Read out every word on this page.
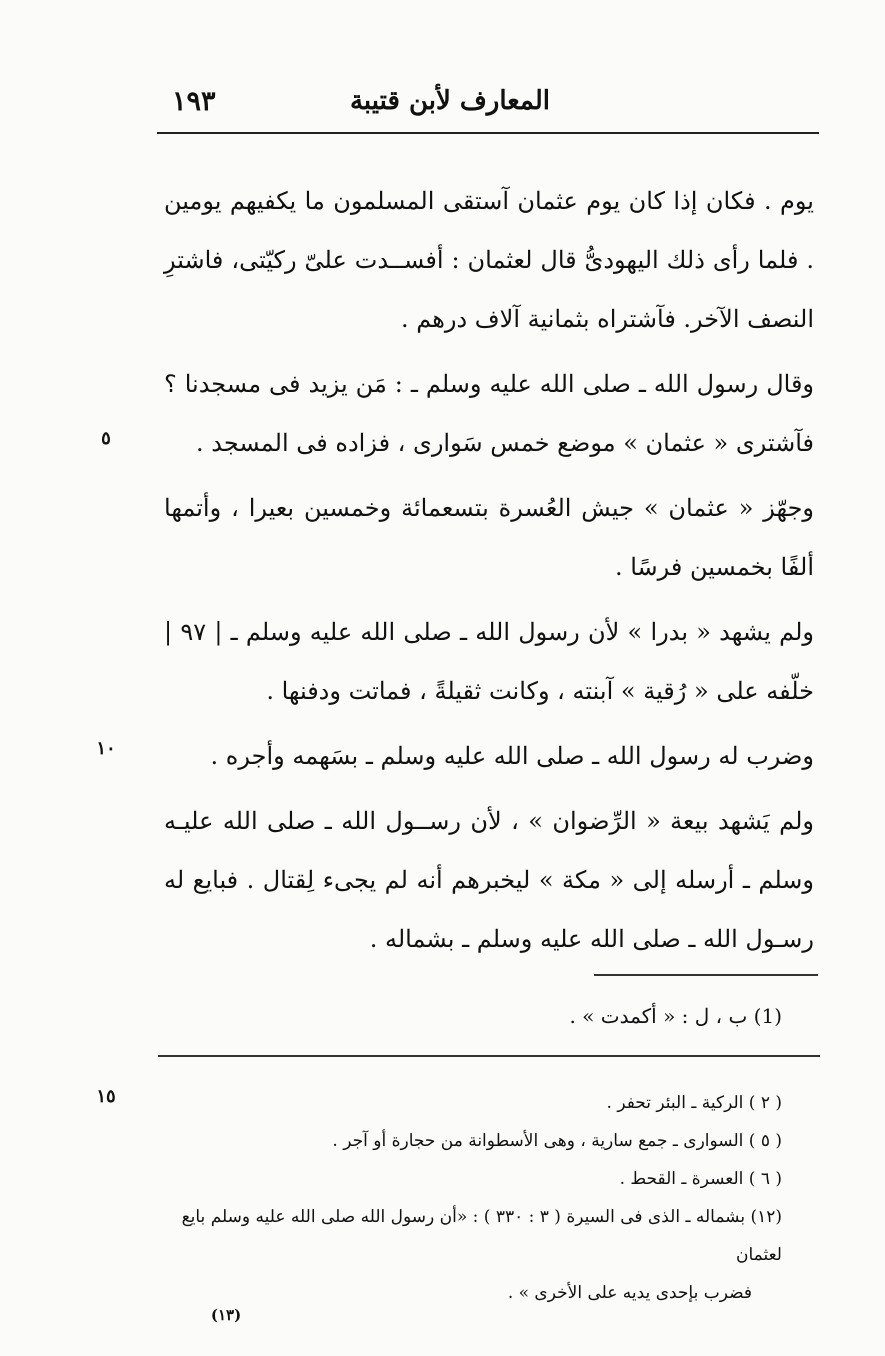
المعارف لأبن قتيبة
١٩٣

يوم . فكان إذا كان يوم عثمان آستقى المسلمون ما يكفيهم يومين . فلما رأى ذلك اليهودىُّ قال لعثمان : أفســدت علىّ ركيّتى، فاشترِ النصف الآخر. فآشتراه بثمانية آلاف درهم .

وقال رسول الله ـ صلى الله عليه وسلم ـ : مَن يزيد فى مسجدنا ؟ فآشترى « عثمان » موضع خمس سَوارى ، فزاده فى المسجد .

وجهّز « عثمان » جيش العُسرة بتسعمائة وخمسين بعيرا ، وأتمها ألفًا بخمسين فرسًا .

ولم يشهد « بدرا » لأن رسول الله ـ صلى الله عليه وسلم ـ | ٩٧ | خلّفه على « رُقية » آبنته ، وكانت ثقيلةً ، فماتت ودفنها .

وضرب له رسول الله ـ صلى الله عليه وسلم ـ بسَهمه وأجره .

ولم يَشهد بيعة « الرِّضوان » ، لأن رســول الله ـ صلى الله عليـه وسلم ـ أرسله إلى « مكة » ليخبرهم أنه لم يجىء لِقتال . فبايع له رسـول الله ـ صلى الله عليه وسلم ـ بشماله .

٥
١٠
١٥
(1) ب ، ل : « أكمدت » .
( ٢ ) الركية ـ البئر تحفر .
( ٥ ) السوارى ـ جمع سارية ، وهى الأسطوانة من حجارة أو آجر .
( ٦ ) العسرة ـ القحط .
(١٢) بشماله ـ الذى فى السيرة ( ٣ : ٣٣٠ ) : «أن رسول الله صلى الله عليه وسلم بايع لعثمان
فضرب بإحدى يديه على الأخرى » .
(١٣)
